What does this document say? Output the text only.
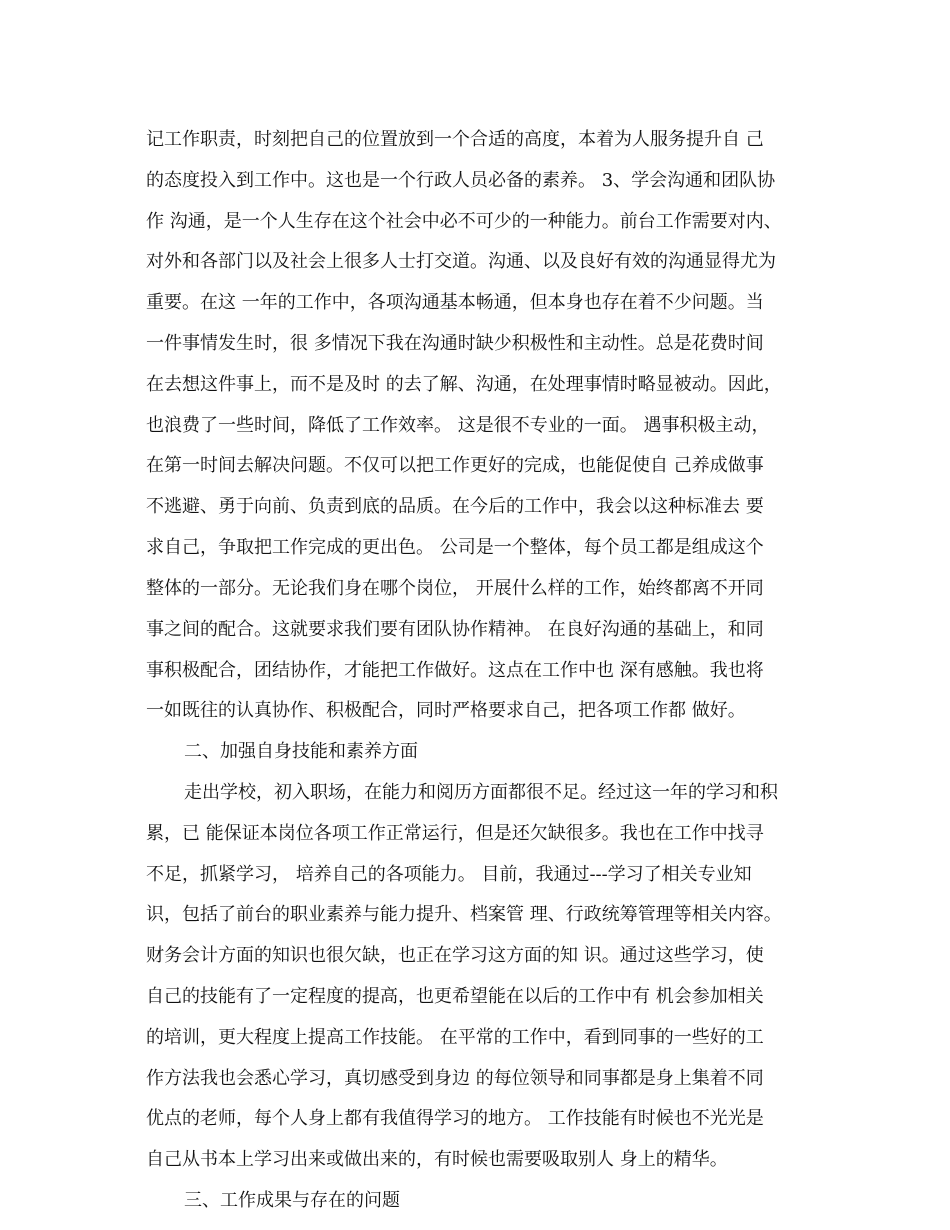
记工作职责，时刻把自己的位置放到一个合适的高度，本着为人服务提升自 己
的态度投入到工作中。这也是一个行政人员必备的素养。 3、学会沟通和团队协
作 沟通，是一个人生存在这个社会中必不可少的一种能力。前台工作需要对内、
对外和各部门以及社会上很多人士打交道。沟通、以及良好有效的沟通显得尤为
重要。在这 一年的工作中，各项沟通基本畅通，但本身也存在着不少问题。当
一件事情发生时，很 多情况下我在沟通时缺少积极性和主动性。总是花费时间
在去想这件事上，而不是及时 的去了解、沟通，在处理事情时略显被动。因此，
也浪费了一些时间，降低了工作效率。 这是很不专业的一面。 遇事积极主动，
在第一时间去解决问题。不仅可以把工作更好的完成，也能促使自 己养成做事
不逃避、勇于向前、负责到底的品质。在今后的工作中，我会以这种标准去 要
求自己，争取把工作完成的更出色。 公司是一个整体，每个员工都是组成这个
整体的一部分。无论我们身在哪个岗位， 开展什么样的工作，始终都离不开同
事之间的配合。这就要求我们要有团队协作精神。 在良好沟通的基础上，和同
事积极配合，团结协作，才能把工作做好。这点在工作中也 深有感触。我也将
一如既往的认真协作、积极配合，同时严格要求自己，把各项工作都 做好。
二、加强自身技能和素养方面
走出学校，初入职场，在能力和阅历方面都很不足。经过这一年的学习和积
累，已 能保证本岗位各项工作正常运行，但是还欠缺很多。我也在工作中找寻
不足，抓紧学习， 培养自己的各项能力。 目前，我通过---学习了相关专业知
识，包括了前台的职业素养与能力提升、档案管 理、行政统筹管理等相关内容。
财务会计方面的知识也很欠缺，也正在学习这方面的知 识。通过这些学习，使
自己的技能有了一定程度的提高，也更希望能在以后的工作中有 机会参加相关
的培训，更大程度上提高工作技能。 在平常的工作中，看到同事的一些好的工
作方法我也会悉心学习，真切感受到身边 的每位领导和同事都是身上集着不同
优点的老师，每个人身上都有我值得学习的地方。 工作技能有时候也不光光是
自己从书本上学习出来或做出来的，有时候也需要吸取别人 身上的精华。
三、工作成果与存在的问题
